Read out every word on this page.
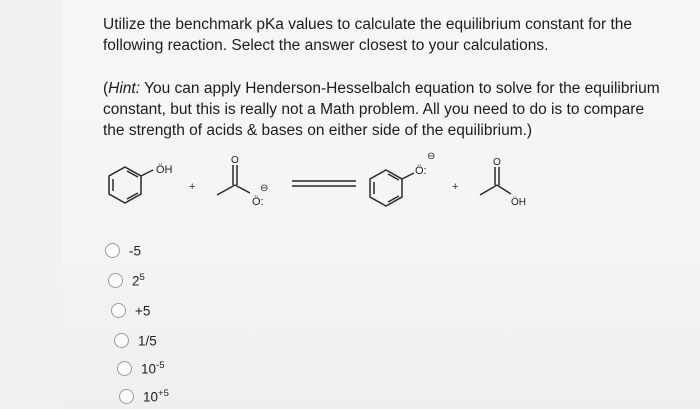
Utilize the benchmark pKa values to calculate the equilibrium constant for the following reaction. Select the answer closest to your calculations.

(Hint: You can apply Henderson-Hesselbalch equation to solve for the equilibrium constant, but this is really not a Math problem. All you need to do is to compare the strength of acids & bases on either side of the equilibrium.)

ÖH
+
O
Ö:
⊖
Ö:
⊖
+
O
ÖH
-5
$2^5$
+5
1/5
$10^{-5}$
$10^{+5}$
